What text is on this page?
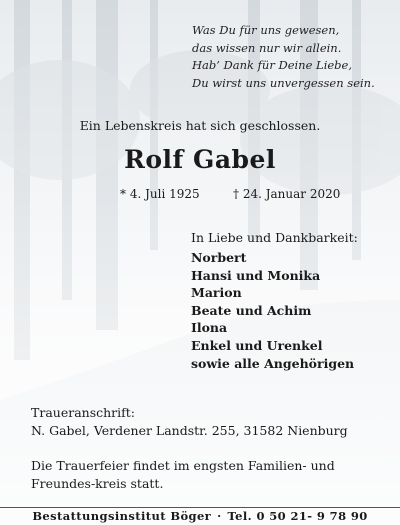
Was Du für uns gewesen,
das wissen nur wir allein.
Hab’ Dank für Deine Liebe,
Du wirst uns unvergessen sein.
Ein Lebenskreis hat sich geschlossen.
Rolf Gabel
* 4. Juli 1925	† 24. Januar 2020
In Liebe und Dankbarkeit:
Norbert
Hansi und Monika
Marion
Beate und Achim
Ilona
Enkel und Urenkel
sowie alle Angehörigen
Traueranschrift:
N. Gabel, Verdener Landstr. 255, 31582 Nienburg
Die Trauerfeier findet im engsten Familien- und Freundes-kreis statt.
Bestattungsinstitut Böger · Tel. 0 50 21- 9 78 90
